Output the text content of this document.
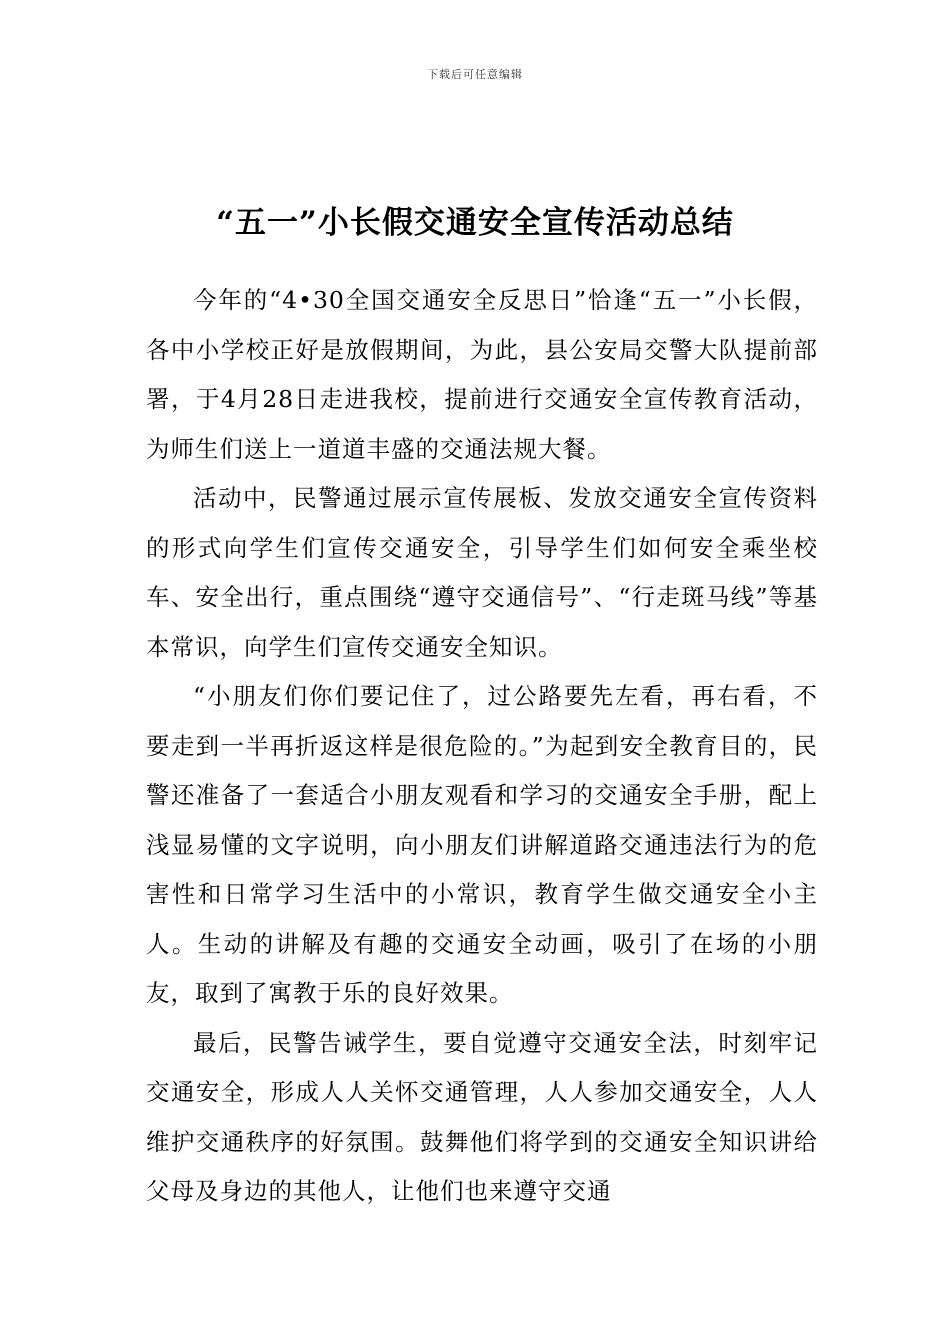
下载后可任意编辑
“五一”小长假交通安全宣传活动总结

今年的“4•30全国交通安全反思日”恰逢“五一”小长假，各中小学校正好是放假期间，为此，县公安局交警大队提前部署，于4月28日走进我校，提前进行交通安全宣传教育活动，为师生们送上一道道丰盛的交通法规大餐。

活动中，民警通过展示宣传展板、发放交通安全宣传资料的形式向学生们宣传交通安全，引导学生们如何安全乘坐校车、安全出行，重点围绕“遵守交通信号”、“行走斑马线”等基本常识，向学生们宣传交通安全知识。

“小朋友们你们要记住了，过公路要先左看，再右看，不要走到一半再折返这样是很危险的。”为起到安全教育目的，民警还准备了一套适合小朋友观看和学习的交通安全手册，配上浅显易懂的文字说明，向小朋友们讲解道路交通违法行为的危害性和日常学习生活中的小常识，教育学生做交通安全小主人。生动的讲解及有趣的交通安全动画，吸引了在场的小朋友，取到了寓教于乐的良好效果。

最后，民警告诫学生，要自觉遵守交通安全法，时刻牢记交通安全，形成人人关怀交通管理，人人参加交通安全，人人维护交通秩序的好氛围。鼓舞他们将学到的交通安全知识讲给父母及身边的其他人，让他们也来遵守交通
